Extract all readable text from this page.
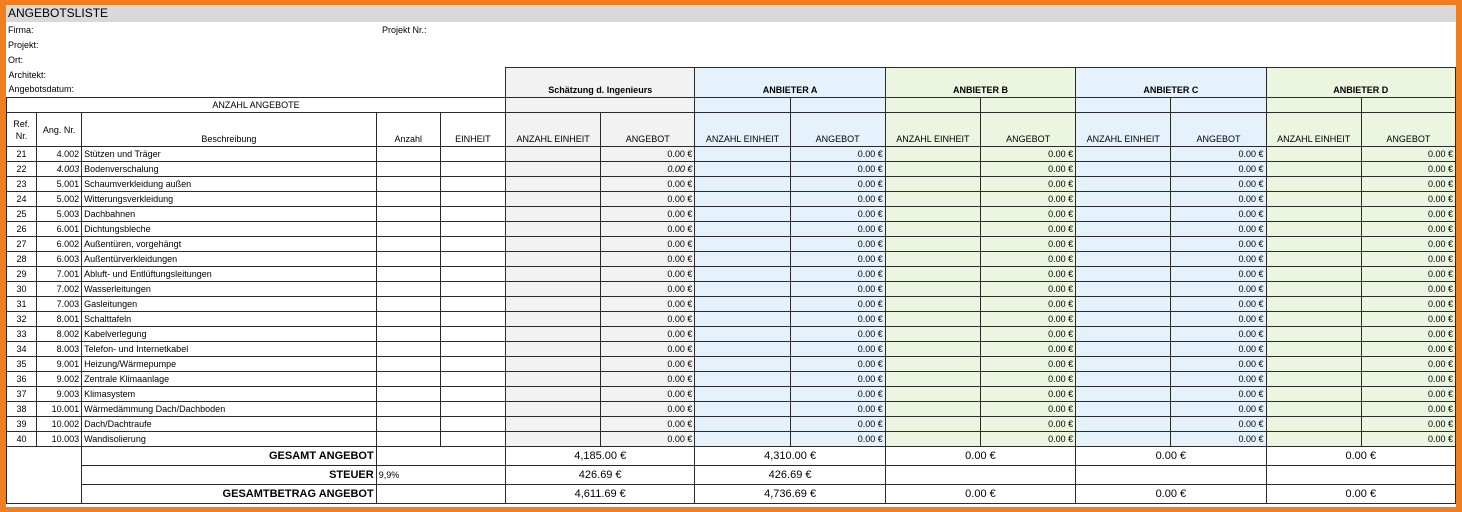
ANGEBOTSLISTE
Firma:	Projekt Nr.:
Projekt:
Ort:
Architekt:					Schätzung d. Ingenieurs		ANBIETER A		ANBIETER B		ANBIETER C		ANBIETER D	
Angebotsdatum:														
ANZAHL ANGEBOTE														
Ref. Nr.	Ang. Nr.	Beschreibung	Anzahl	EINHEIT	ANZAHL EINHEIT	ANGEBOT	ANZAHL EINHEIT	ANGEBOT	ANZAHL EINHEIT	ANGEBOT	ANZAHL EINHEIT	ANGEBOT	ANZAHL EINHEIT	ANGEBOT
21	4.002	Stützen und Träger				0.00 €		0.00 €		0.00 €		0.00 €		0.00 €
22	4.003	Bodenverschalung				0.00 €		0.00 €		0.00 €		0.00 €		0.00 €
23	5.001	Schaumverkleidung außen				0.00 €		0.00 €		0.00 €		0.00 €		0.00 €
24	5.002	Witterungsverkleidung				0.00 €		0.00 €		0.00 €		0.00 €		0.00 €
25	5.003	Dachbahnen				0.00 €		0.00 €		0.00 €		0.00 €		0.00 €
26	6.001	Dichtungsbleche				0.00 €		0.00 €		0.00 €		0.00 €		0.00 €
27	6.002	Außentüren, vorgehängt				0.00 €		0.00 €		0.00 €		0.00 €		0.00 €
28	6.003	Außentürverkleidungen				0.00 €		0.00 €		0.00 €		0.00 €		0.00 €
29	7.001	Abluft- und Entlüftungsleitungen				0.00 €		0.00 €		0.00 €		0.00 €		0.00 €
30	7.002	Wasserleitungen				0.00 €		0.00 €		0.00 €		0.00 €		0.00 €
31	7.003	Gasleitungen				0.00 €		0.00 €		0.00 €		0.00 €		0.00 €
32	8.001	Schalttafeln				0.00 €		0.00 €		0.00 €		0.00 €		0.00 €
33	8.002	Kabelverlegung				0.00 €		0.00 €		0.00 €		0.00 €		0.00 €
34	8.003	Telefon- und Internetkabel				0.00 €		0.00 €		0.00 €		0.00 €		0.00 €
35	9.001	Heizung/Wärmepumpe				0.00 €		0.00 €		0.00 €		0.00 €		0.00 €
36	9.002	Zentrale Klimaanlage				0.00 €		0.00 €		0.00 €		0.00 €		0.00 €
37	9.003	Klimasystem				0.00 €		0.00 €		0.00 €		0.00 €		0.00 €
38	10.001	Wärmedämmung Dach/Dachboden				0.00 €		0.00 €		0.00 €		0.00 €		0.00 €
39	10.002	Dach/Dachtraufe				0.00 €		0.00 €		0.00 €		0.00 €		0.00 €
40	10.003	Wandisolierung				0.00 €		0.00 €		0.00 €		0.00 €		0.00 €
		GESAMT ANGEBOT			4,185.00 €		4,310.00 €		0.00 €		0.00 €		0.00 €	
		STEUER	9,9%		426.69 €		426.69 €							
		GESAMTBETRAG ANGEBOT			4,611.69 €		4,736.69 €		0.00 €		0.00 €		0.00 €	
